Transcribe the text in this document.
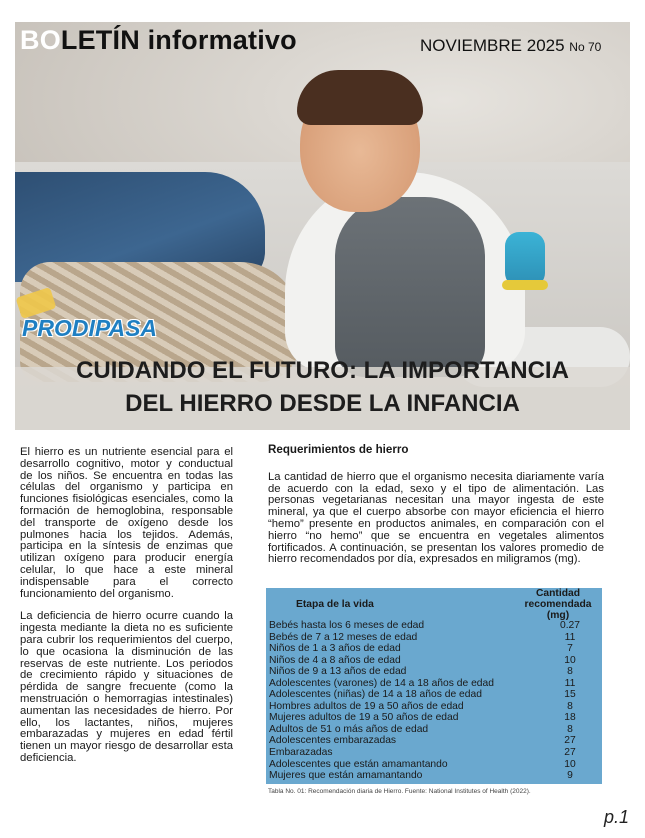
BOLETÍN informativo	NOVIEMBRE 2025 No 70
PRODIPASA
CUIDANDO EL FUTURO: LA IMPORTANCIA
DEL HIERRO DESDE LA INFANCIA

El hierro es un nutriente esencial para el desarrollo cognitivo, motor y conductual de los niños. Se encuentra en todas las células del organismo y participa en funciones fisiológicas esenciales, como la formación de hemoglobina, responsable del transporte de oxígeno desde los pulmones hacia los tejidos. Además, participa en la síntesis de enzimas que utilizan oxígeno para producir energía celular, lo que hace a este mineral indispensable para el correcto funcionamiento del organismo.

La deficiencia de hierro ocurre cuando la ingesta mediante la dieta no es suficiente para cubrir los requerimientos del cuerpo, lo que ocasiona la disminución de las reservas de este nutriente. Los periodos de crecimiento rápido y situaciones de pérdida de sangre frecuente (como la menstruación o hemorragias intestinales) aumentan las necesidades de hierro. Por ello, los lactantes, niños, mujeres embarazadas y mujeres en edad fértil tienen un mayor riesgo de desarrollar esta deficiencia.

Requerimientos de hierro

La cantidad de hierro que el organismo necesita diariamente varía de acuerdo con la edad, sexo y el tipo de alimentación. Las personas vegetarianas necesitan una mayor ingesta de este mineral, ya que el cuerpo absorbe con mayor eficiencia el hierro “hemo” presente en productos animales, en comparación con el hierro “no hemo” que se encuentra en vegetales alimentos fortificados. A continuación, se presentan los valores promedio de hierro recomendados por día, expresados en miligramos (mg).

Etapa de la vida
Cantidad recomendada (mg)
Bebés hasta los 6 meses de edad	0.27
Bebés de 7 a 12 meses de edad	11
Niños de 1 a 3 años de edad	7
Niños de 4 a 8 años de edad	10
Niños de 9 a 13 años de edad	8
Adolescentes (varones) de 14 a 18 años de edad	11
Adolescentes (niñas) de 14 a 18 años de edad	15
Hombres adultos de 19 a 50 años de edad	8
Mujeres adultos de 19 a 50 años de edad	18
Adultos de 51 o más años de edad	8
Adolescentes embarazadas	27
Embarazadas	27
Adolescentes que están amamantando	10
Mujeres que están amamantando	9
Tabla No. 01: Recomendación diaria de Hierro. Fuente: National Institutes of Health (2022).
p.1
